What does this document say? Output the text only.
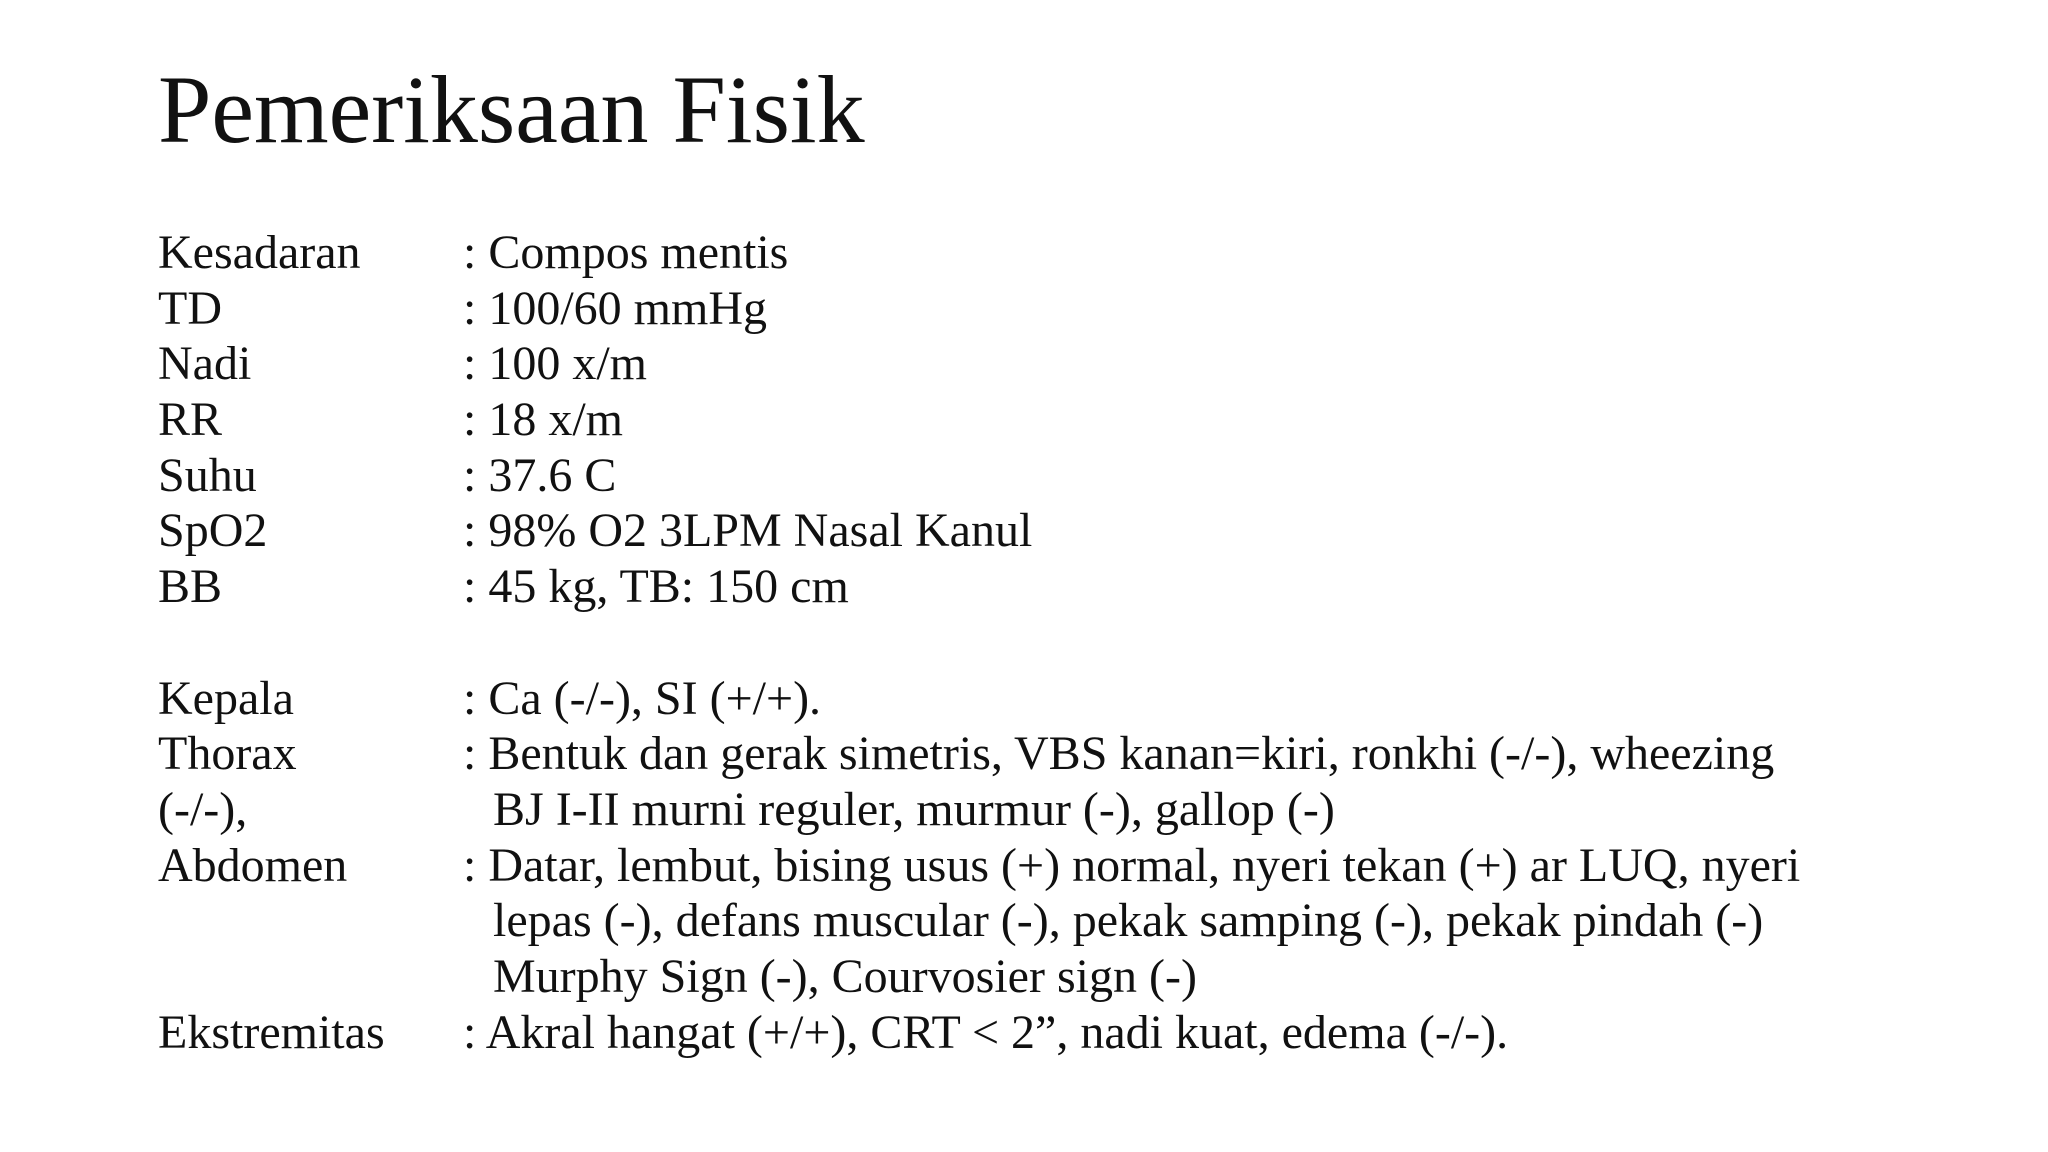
Pemeriksaan Fisik
Kesadaran : Compos mentis
TD	: 100/60 mmHg
Nadi	: 100 x/m
RR	: 18 x/m
Suhu	: 37.6 C
SpO2	: 98% O2 3LPM Nasal Kanul
BB	: 45 kg, TB: 150 cm
Kepala	: Ca (-/-), SI (+/+).
Thorax	: Bentuk dan gerak simetris, VBS kanan=kiri, ronkhi (-/-), wheezing
(-/-),	BJ I-II murni reguler, murmur (-), gallop (-)
Abdomen : Datar, lembut, bising usus (+) normal, nyeri tekan (+) ar LUQ, nyeri
lepas (-), defans muscular (-), pekak samping (-), pekak pindah (-)
Murphy Sign (-), Courvosier sign (-)
Ekstremitas : Akral hangat (+/+), CRT < 2”, nadi kuat, edema (-/-).
